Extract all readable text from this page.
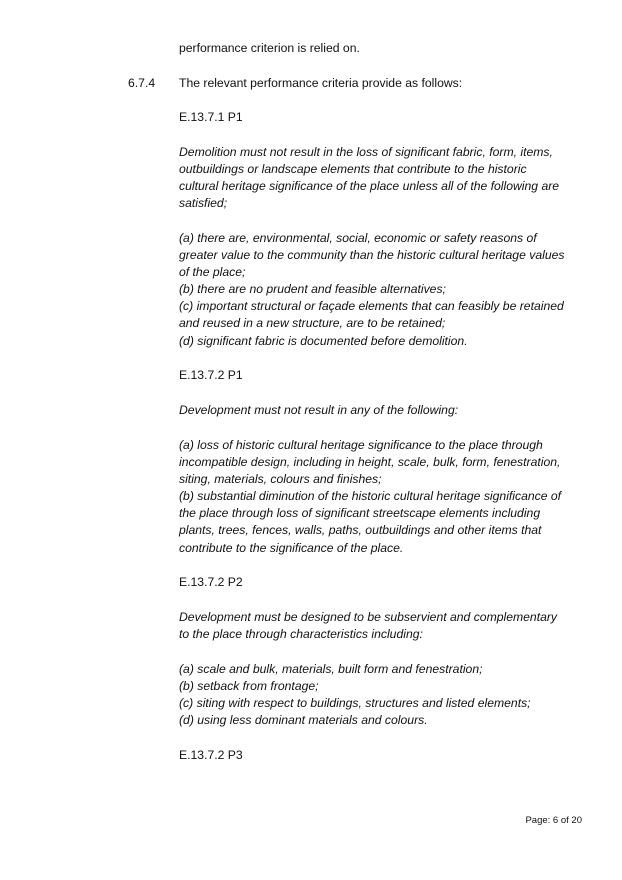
performance criterion is relied on.
6.7.4 The relevant performance criteria provide as follows:
E.13.7.1 P1
Demolition must not result in the loss of significant fabric, form, items,
outbuildings or landscape elements that contribute to the historic
cultural heritage significance of the place unless all of the following are
satisfied;
(a) there are, environmental, social, economic or safety reasons of
greater value to the community than the historic cultural heritage values
of the place;
(b) there are no prudent and feasible alternatives;
(c) important structural or façade elements that can feasibly be retained
and reused in a new structure, are to be retained;
(d) significant fabric is documented before demolition.
E.13.7.2 P1
Development must not result in any of the following:
(a) loss of historic cultural heritage significance to the place through
incompatible design, including in height, scale, bulk, form, fenestration,
siting, materials, colours and finishes;
(b) substantial diminution of the historic cultural heritage significance of
the place through loss of significant streetscape elements including
plants, trees, fences, walls, paths, outbuildings and other items that
contribute to the significance of the place.
E.13.7.2 P2
Development must be designed to be subservient and complementary
to the place through characteristics including:
(a) scale and bulk, materials, built form and fenestration;
(b) setback from frontage;
(c) siting with respect to buildings, structures and listed elements;
(d) using less dominant materials and colours.
E.13.7.2 P3
Page: 6 of 20
